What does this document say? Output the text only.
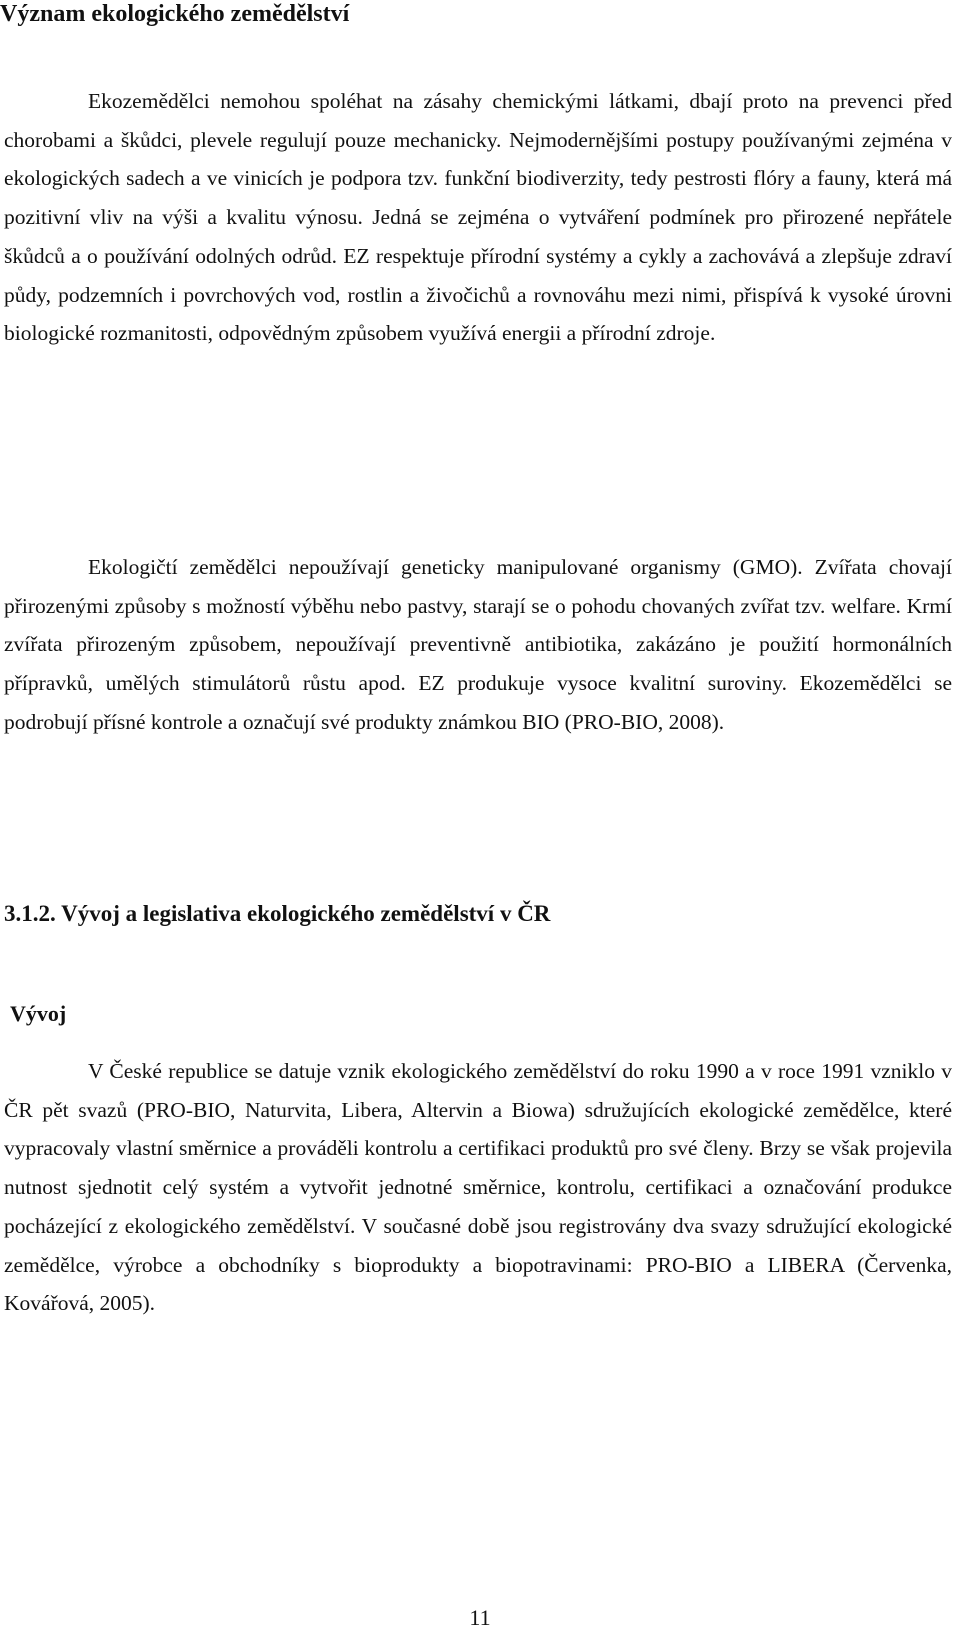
Význam ekologického zemědělství

Ekozemědělci nemohou spoléhat na zásahy chemickými látkami, dbají proto na prevenci před chorobami a škůdci, plevele regulují pouze mechanicky. Nejmodernějšími postupy používanými zejména v ekologických sadech a ve vinicích je podpora tzv. funkční biodiverzity, tedy pestrosti flóry a fauny, která má pozitivní vliv na výši a kvalitu výnosu. Jedná se zejména o vytváření podmínek pro přirozené nepřátele škůdců a o používání odolných odrůd. EZ respektuje přírodní systémy a cykly a zachovává a zlepšuje zdraví půdy, podzemních i povrchových vod, rostlin a živočichů a rovnováhu mezi nimi, přispívá k vysoké úrovni biologické rozmanitosti, odpovědným způsobem využívá energii a přírodní zdroje.

Ekologičtí zemědělci nepoužívají geneticky manipulované organismy (GMO). Zvířata chovají přirozenými způsoby s možností výběhu nebo pastvy, starají se o pohodu chovaných zvířat tzv. welfare. Krmí zvířata přirozeným způsobem, nepoužívají preventivně antibiotika, zakázáno je použití hormonálních přípravků, umělých stimulátorů růstu apod. EZ produkuje vysoce kvalitní suroviny. Ekozemědělci se podrobují přísné kontrole a označují své produkty známkou BIO (PRO-BIO, 2008).

3.1.2. Vývoj a legislativa ekologického zemědělství v ČR
Vývoj

V České republice se datuje vznik ekologického zemědělství do roku 1990 a v roce 1991 vzniklo v ČR pět svazů (PRO-BIO, Naturvita, Libera, Altervin a Biowa) sdružujících ekologické zemědělce, které vypracovaly vlastní směrnice a prováděli kontrolu a certifikaci produktů pro své členy. Brzy se však projevila nutnost sjednotit celý systém a vytvořit jednotné směrnice, kontrolu, certifikaci a označování produkce pocházející z ekologického zemědělství. V současné době jsou registrovány dva svazy sdružující ekologické zemědělce, výrobce a obchodníky s bioprodukty a biopotravinami: PRO-BIO a LIBERA (Červenka, Kovářová, 2005).

11
